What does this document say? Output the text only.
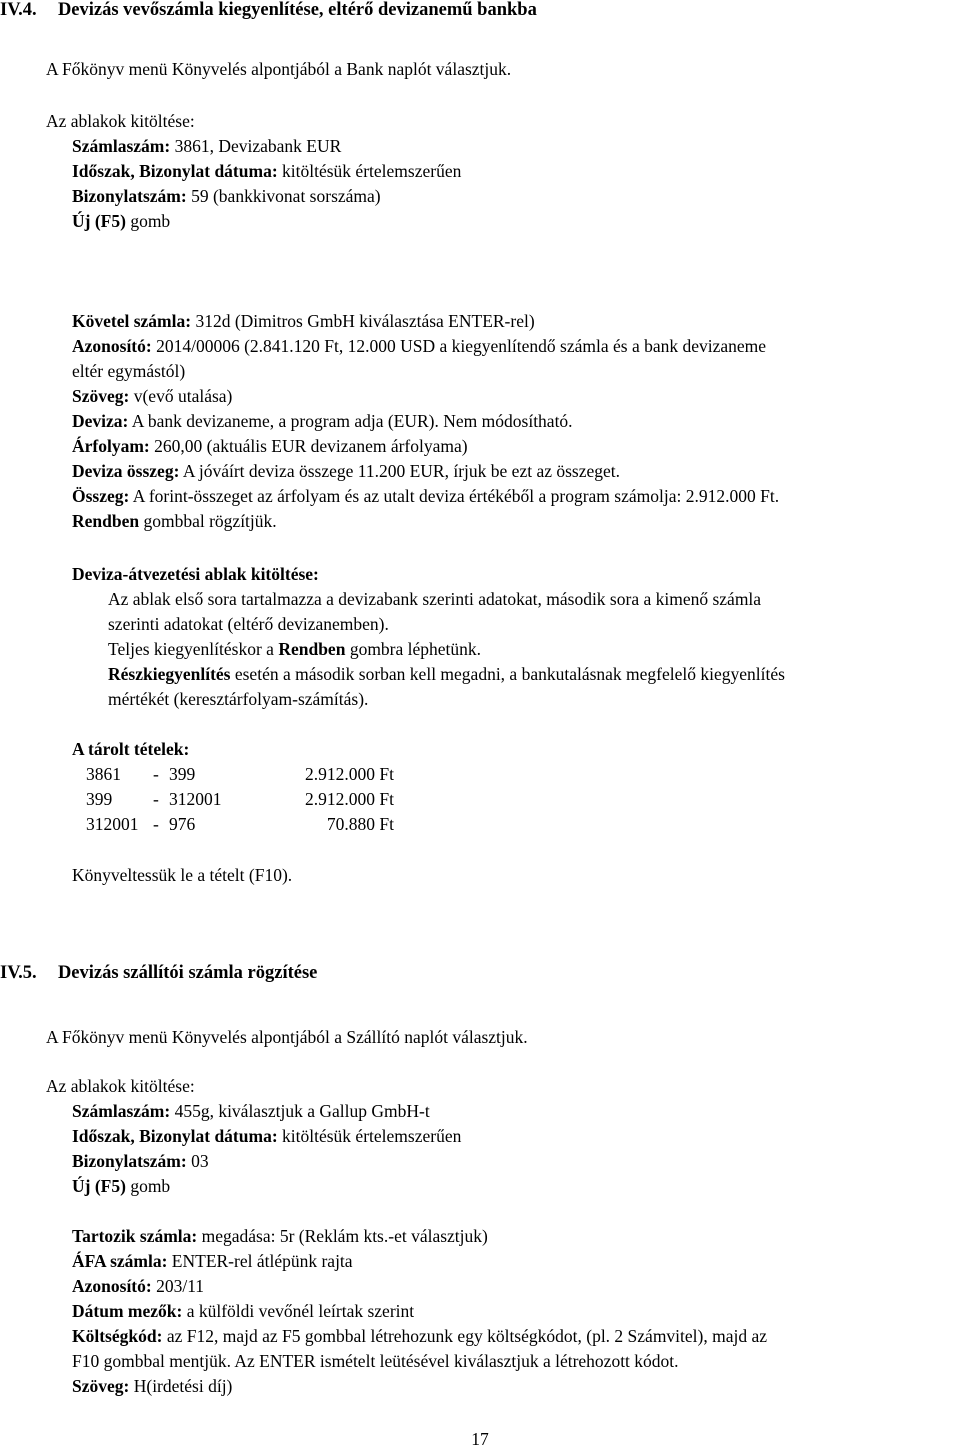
IV.4. Devizás vevőszámla kiegyenlítése, eltérő devizanemű bankba
A Főkönyv menü Könyvelés alpontjából a Bank naplót választjuk.
Az ablakok kitöltése:
Számlaszám: 3861, Devizabank EUR
Időszak, Bizonylat dátuma: kitöltésük értelemszerűen
Bizonylatszám: 59 (bankkivonat sorszáma)
Új (F5) gomb
Követel számla: 312d (Dimitros GmbH kiválasztása ENTER-rel)
Azonosító: 2014/00006 (2.841.120 Ft, 12.000 USD a kiegyenlítendő számla és a bank devizaneme
eltér egymástól)
Szöveg: v(evő utalása)
Deviza: A bank devizaneme, a program adja (EUR). Nem módosítható.
Árfolyam: 260,00 (aktuális EUR devizanem árfolyama)
Deviza összeg: A jóváírt deviza összege 11.200 EUR, írjuk be ezt az összeget.
Összeg: A forint-összeget az árfolyam és az utalt deviza értékéből a program számolja: 2.912.000 Ft.
Rendben gombbal rögzítjük.
Deviza-átvezetési ablak kitöltése:
Az ablak első sora tartalmazza a devizabank szerinti adatokat, második sora a kimenő számla
szerinti adatokat (eltérő devizanemben).
Teljes kiegyenlítéskor a Rendben gombra léphetünk.
Részkiegyenlítés esetén a második sorban kell megadni, a bankutalásnak megfelelő kiegyenlítés
mértékét (keresztárfolyam-számítás).
A tárolt tételek:
3861 - 399	2.912.000 Ft
399 - 312001	2.912.000 Ft
312001 - 976	70.880 Ft
Könyveltessük le a tételt (F10).
IV.5. Devizás szállítói számla rögzítése
A Főkönyv menü Könyvelés alpontjából a Szállító naplót választjuk.
Az ablakok kitöltése:
Számlaszám: 455g, kiválasztjuk a Gallup GmbH-t
Időszak, Bizonylat dátuma: kitöltésük értelemszerűen
Bizonylatszám: 03
Új (F5) gomb
Tartozik számla: megadása: 5r (Reklám kts.-et választjuk)
ÁFA számla: ENTER-rel átlépünk rajta
Azonosító: 203/11
Dátum mezők: a külföldi vevőnél leírtak szerint
Költségkód: az F12, majd az F5 gombbal létrehozunk egy költségkódot, (pl. 2 Számvitel), majd az
F10 gombbal mentjük. Az ENTER ismételt leütésével kiválasztjuk a létrehozott kódot.
Szöveg: H(irdetési díj)
17
